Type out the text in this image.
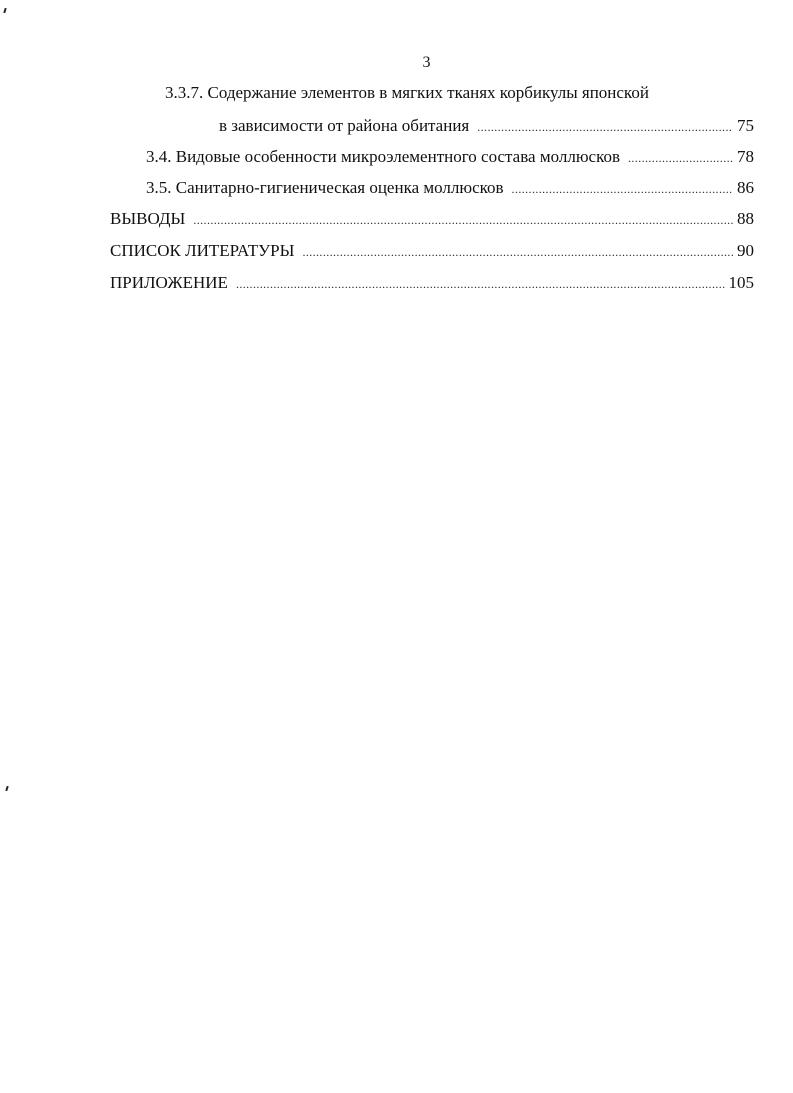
3
3.3.7. Содержание элементов в мягких тканях корбикулы японской
в зависимости от района обитания .....	75
3.4. Видовые особенности микроэлементного состава моллюсков .....	78
3.5. Санитарно-гигиеническая оценка моллюсков .....	86
ВЫВОДЫ .....	88
СПИСОК ЛИТЕРАТУРЫ .....	90
ПРИЛОЖЕНИЕ .....	105
